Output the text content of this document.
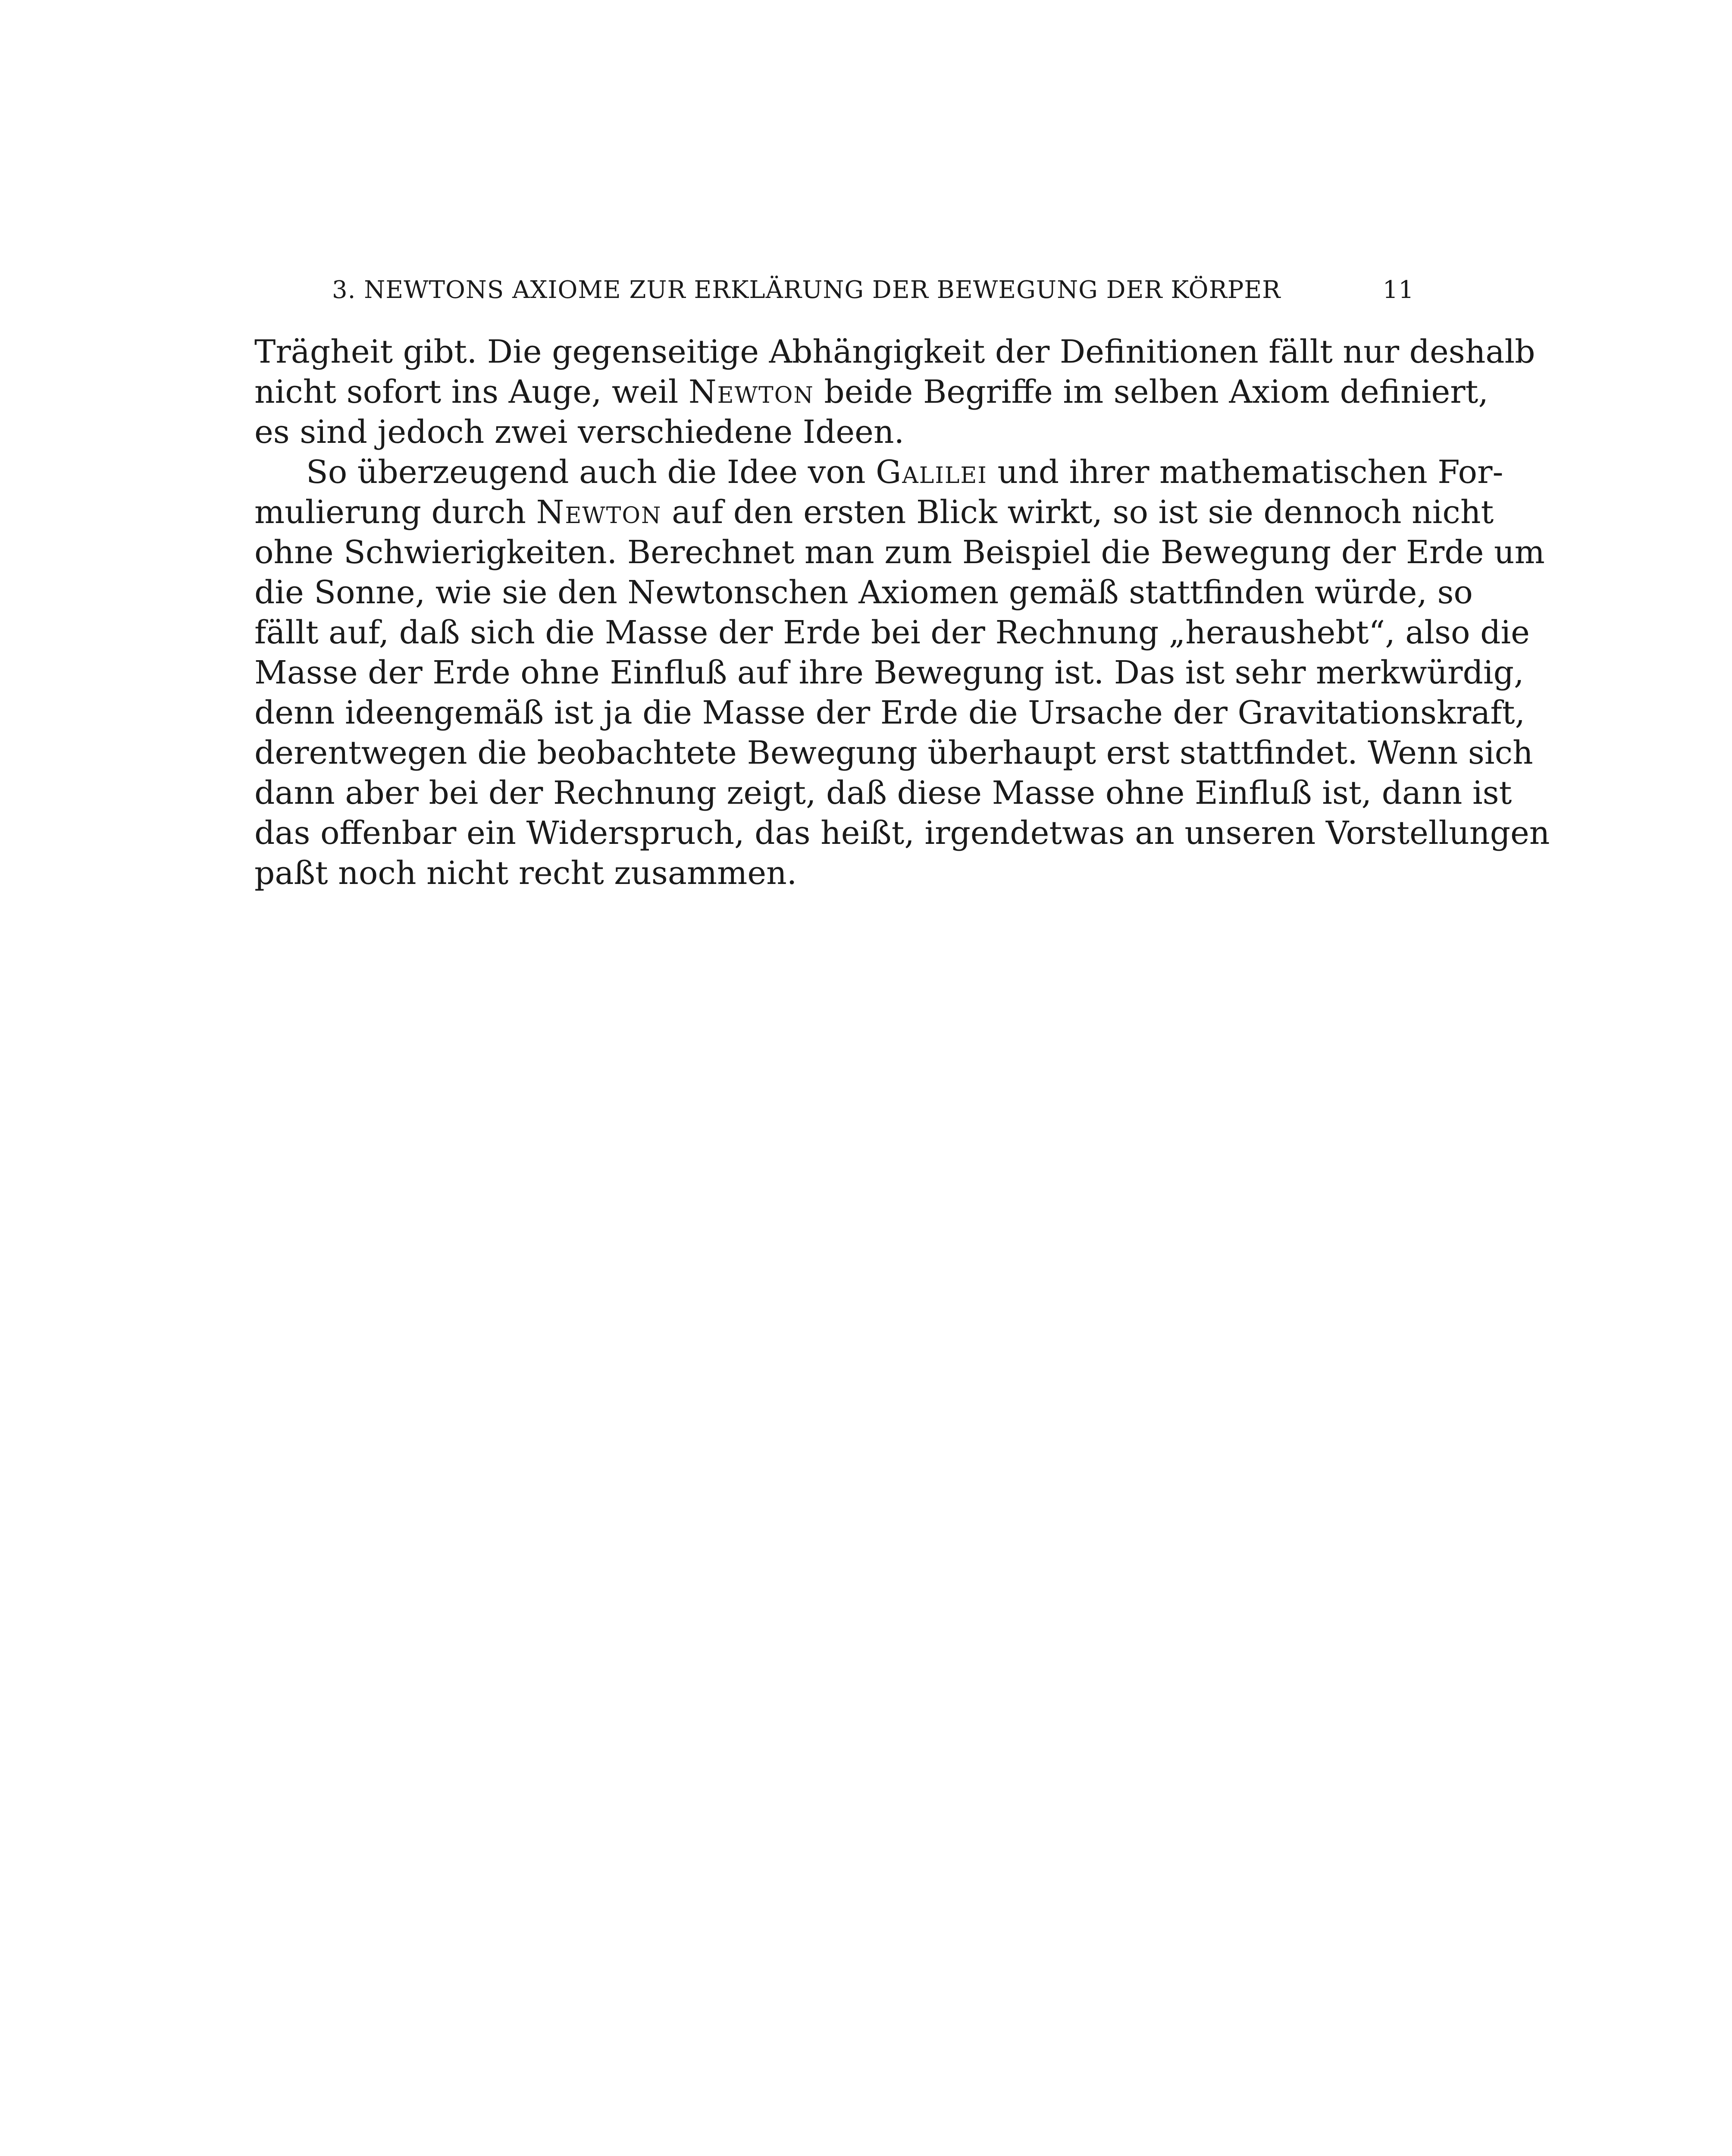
3. NEWTONS AXIOME ZUR ERKLÄRUNG DER BEWEGUNG DER KÖRPER	11
Trägheit gibt. Die gegenseitige Abhängigkeit der Definitionen fällt nur deshalb
nicht sofort ins Auge, weil Newton beide Begriffe im selben Axiom definiert,
es sind jedoch zwei verschiedene Ideen.
So überzeugend auch die Idee von Galilei und ihrer mathematischen For-
mulierung durch Newton auf den ersten Blick wirkt, so ist sie dennoch nicht
ohne Schwierigkeiten. Berechnet man zum Beispiel die Bewegung der Erde um
die Sonne, wie sie den Newtonschen Axiomen gemäß stattfinden würde, so
fällt auf, daß sich die Masse der Erde bei der Rechnung „heraushebt“, also die
Masse der Erde ohne Einfluß auf ihre Bewegung ist. Das ist sehr merkwürdig,
denn ideengemäß ist ja die Masse der Erde die Ursache der Gravitationskraft,
derentwegen die beobachtete Bewegung überhaupt erst stattfindet. Wenn sich
dann aber bei der Rechnung zeigt, daß diese Masse ohne Einfluß ist, dann ist
das offenbar ein Widerspruch, das heißt, irgendetwas an unseren Vorstellungen
paßt noch nicht recht zusammen.
